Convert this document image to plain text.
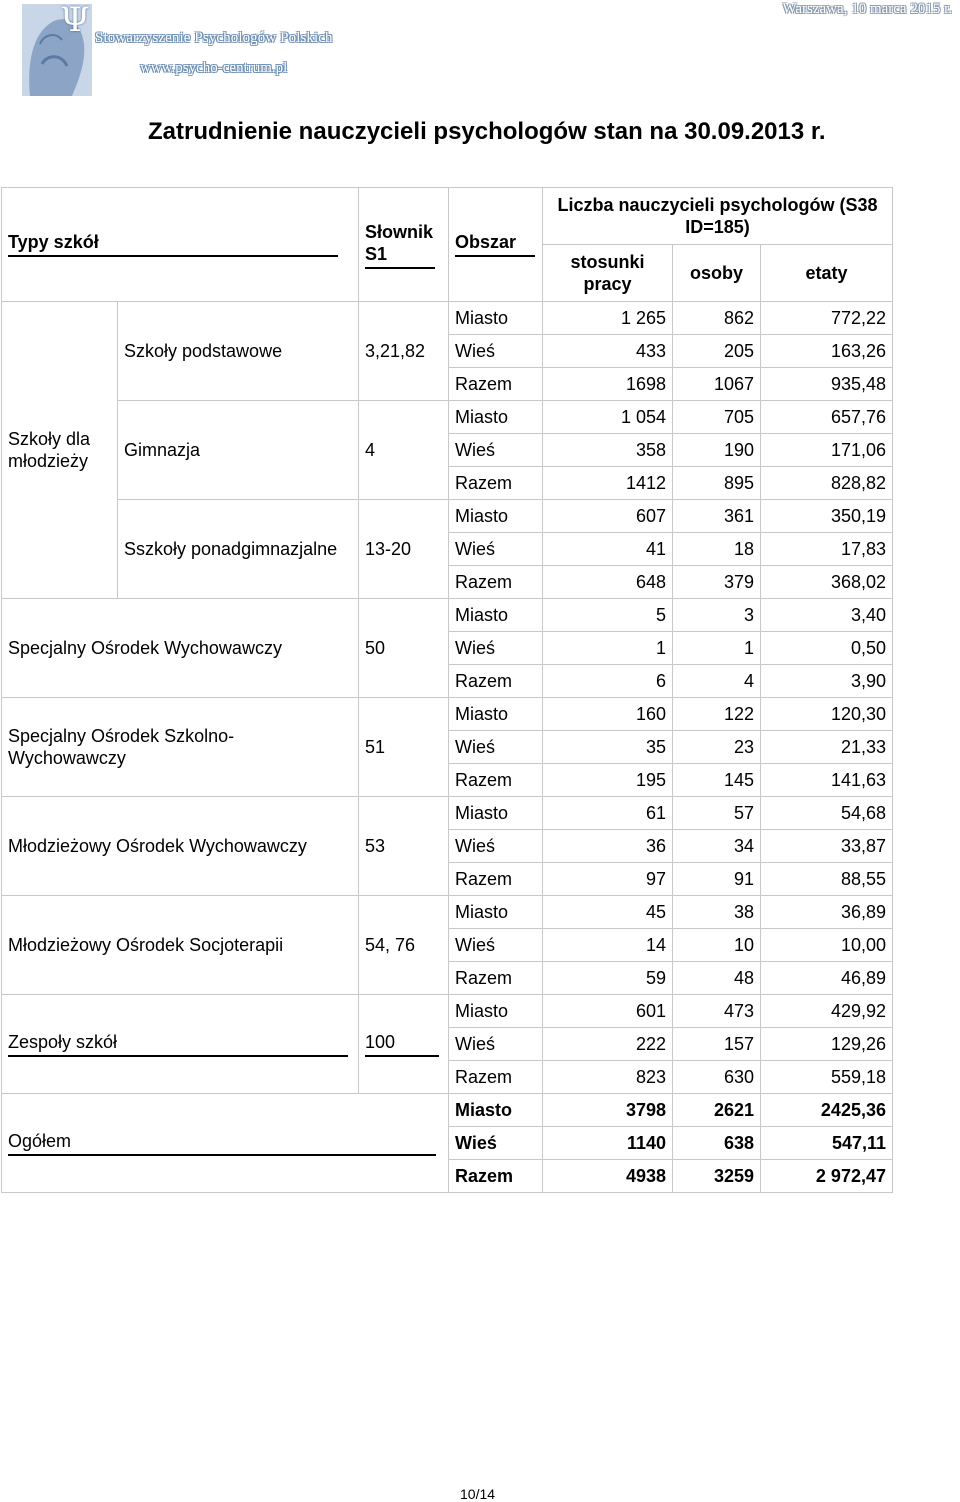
Ψ Stowarzyszenie Psychologów Polskich
www.psycho-centrum.pl
Warszawa, 10 marca 2015 r.
Zatrudnienie nauczycieli psychologów stan na 30.09.2013 r.
Typy szkół		Słownik S1	Obszar	Liczba nauczycieli psychologów (S38 ID=185)		
				stosunki pracy	osoby	etaty
Szkoły dla młodzieży	Szkoły podstawowe	3,21,82	Miasto	1 265	862	772,22
			Wieś	433	205	163,26
			Razem	1698	1067	935,48
	Gimnazja	4	Miasto	1 054	705	657,76
			Wieś	358	190	171,06
			Razem	1412	895	828,82
	Sszkoły ponadgimnazjalne	13-20	Miasto	607	361	350,19
			Wieś	41	18	17,83
			Razem	648	379	368,02
Specjalny Ośrodek Wychowawczy		50	Miasto	5	3	3,40
			Wieś	1	1	0,50
			Razem	6	4	3,90
Specjalny Ośrodek Szkolno-Wychowawczy		51	Miasto	160	122	120,30
			Wieś	35	23	21,33
			Razem	195	145	141,63
Młodzieżowy Ośrodek Wychowawczy		53	Miasto	61	57	54,68
			Wieś	36	34	33,87
			Razem	97	91	88,55
Młodzieżowy Ośrodek Socjoterapii		54, 76	Miasto	45	38	36,89
			Wieś	14	10	10,00
			Razem	59	48	46,89
Zespoły szkół		100	Miasto	601	473	429,92
			Wieś	222	157	129,26
			Razem	823	630	559,18
Ogółem			Miasto	3798	2621	2425,36
			Wieś	1140	638	547,11
			Razem	4938	3259	2 972,47
10/14
